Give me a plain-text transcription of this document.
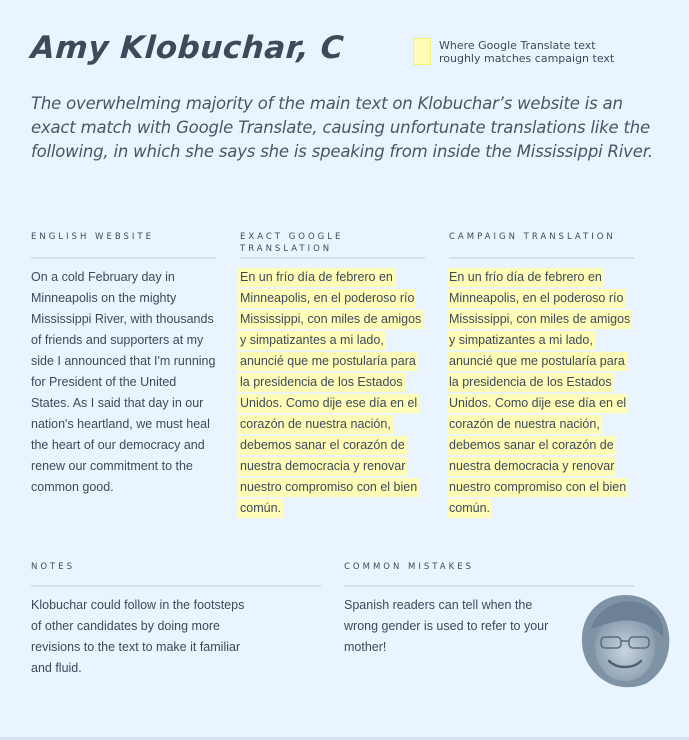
Amy Klobuchar, C	Where Google Translate text roughly matches campaign text

The overwhelming majority of the main text on Klobuchar’s website is an exact match with Google Translate, causing unfortunate translations like the following, in which she says she is speaking from inside the Mississippi River.

ENGLISH WEBSITE
On a cold February day in Minneapolis on the mighty Mississippi River, with thousands of friends and supporters at my side I announced that I'm running for President of the United States. As I said that day in our nation's heartland, we must heal the heart of our democracy and renew our commitment to the common good.
EXACT GOOGLE TRANSLATION
En un frío día de febrero en Minneapolis, en el poderoso río Mississippi, con miles de amigos y simpatizantes a mi lado, anuncié que me postularía para la presidencia de los Estados Unidos. Como dije ese día en el corazón de nuestra nación, debemos sanar el corazón de nuestra democracia y renovar nuestro compromiso con el bien común.
CAMPAIGN TRANSLATION
En un frío día de febrero en Minneapolis, en el poderoso río Mississippi, con miles de amigos y simpatizantes a mi lado, anuncié que me postularía para la presidencia de los Estados Unidos. Como dije ese día en el corazón de nuestra nación, debemos sanar el corazón de nuestra democracia y renovar nuestro compromiso con el bien común.
NOTES
Klobuchar could follow in the footsteps of other candidates by doing more revisions to the text to make it familiar and fluid.
COMMON MISTAKES
Spanish readers can tell when the wrong gender is used to refer to your mother!
